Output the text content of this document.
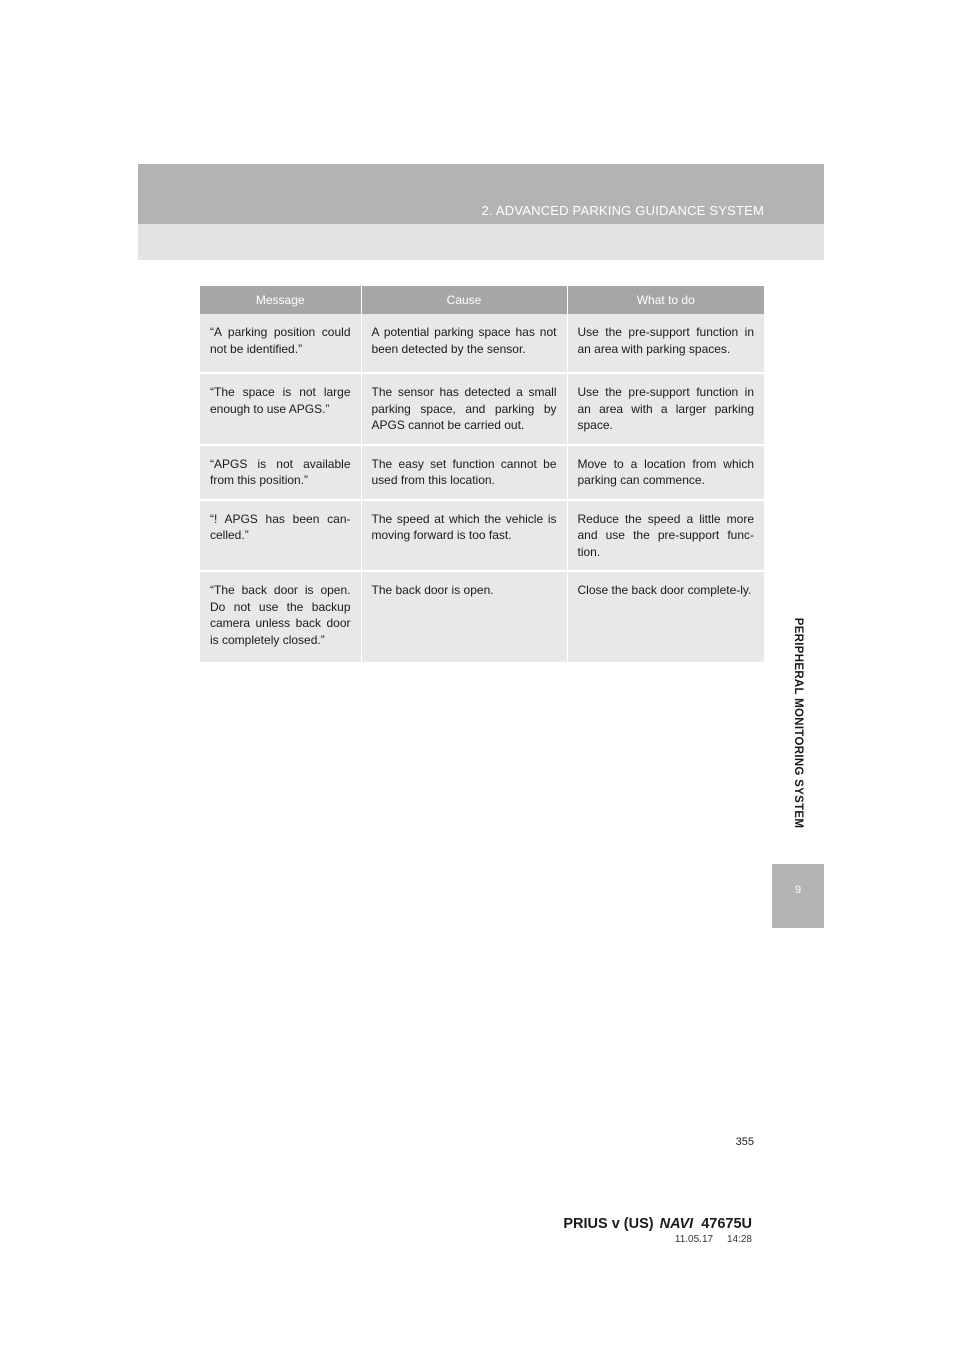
2. ADVANCED PARKING GUIDANCE SYSTEM
PERIPHERAL MONITORING SYSTEM
9
Message	Cause	What to do
“A parking position could not be identified.”	A potential parking space has not been detected by the sensor.	Use the pre-support function in an area with parking spaces.
“The space is not large enough to use APGS.”	The sensor has detected a small parking space, and parking by APGS cannot be carried out.	Use the pre-support function in an area with a larger parking space.
“APGS is not available from this position.”	The easy set function cannot be used from this location.	Move to a location from which parking can commence.
“! APGS has been can-celled.”	The speed at which the vehicle is moving forward is too fast.	Reduce the speed a little more and use the pre-support func-tion.
“The back door is open. Do not use the backup camera unless back door is completely closed.”	The back door is open.	Close the back door complete-ly.
355
PRIUS v (US) NAVI 47675U
11.05.17     14:28
